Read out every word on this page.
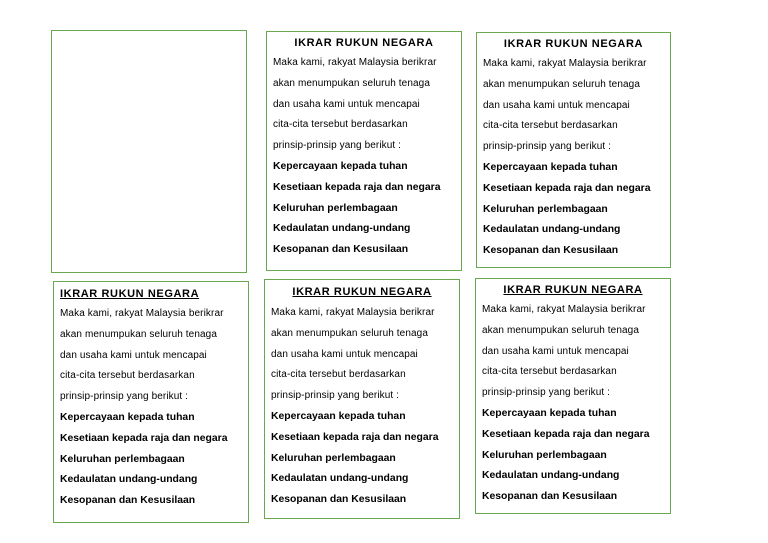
IKRAR RUKUN NEGARA
Maka kami, rakyat Malaysia berikrar
akan menumpukan seluruh tenaga
dan usaha kami untuk mencapai
cita-cita tersebut berdasarkan
prinsip-prinsip yang berikut :
Kepercayaan kepada tuhan
Kesetiaan kepada raja dan negara
Keluruhan perlembagaan
Kedaulatan undang-undang
Kesopanan dan Kesusilaan
IKRAR RUKUN NEGARA
Maka kami, rakyat Malaysia berikrar
akan menumpukan seluruh tenaga
dan usaha kami untuk mencapai
cita-cita tersebut berdasarkan
prinsip-prinsip yang berikut :
Kepercayaan kepada tuhan
Kesetiaan kepada raja dan negara
Keluruhan perlembagaan
Kedaulatan undang-undang
Kesopanan dan Kesusilaan
IKRAR RUKUN NEGARA
Maka kami, rakyat Malaysia berikrar
akan menumpukan seluruh tenaga
dan usaha kami untuk mencapai
cita-cita tersebut berdasarkan
prinsip-prinsip yang berikut :
Kepercayaan kepada tuhan
Kesetiaan kepada raja dan negara
Keluruhan perlembagaan
Kedaulatan undang-undang
Kesopanan dan Kesusilaan
IKRAR RUKUN NEGARA
Maka kami, rakyat Malaysia berikrar
akan menumpukan seluruh tenaga
dan usaha kami untuk mencapai
cita-cita tersebut berdasarkan
prinsip-prinsip yang berikut :
Kepercayaan kepada tuhan
Kesetiaan kepada raja dan negara
Keluruhan perlembagaan
Kedaulatan undang-undang
Kesopanan dan Kesusilaan
IKRAR RUKUN NEGARA
Maka kami, rakyat Malaysia berikrar
akan menumpukan seluruh tenaga
dan usaha kami untuk mencapai
cita-cita tersebut berdasarkan
prinsip-prinsip yang berikut :
Kepercayaan kepada tuhan
Kesetiaan kepada raja dan negara
Keluruhan perlembagaan
Kedaulatan undang-undang
Kesopanan dan Kesusilaan
